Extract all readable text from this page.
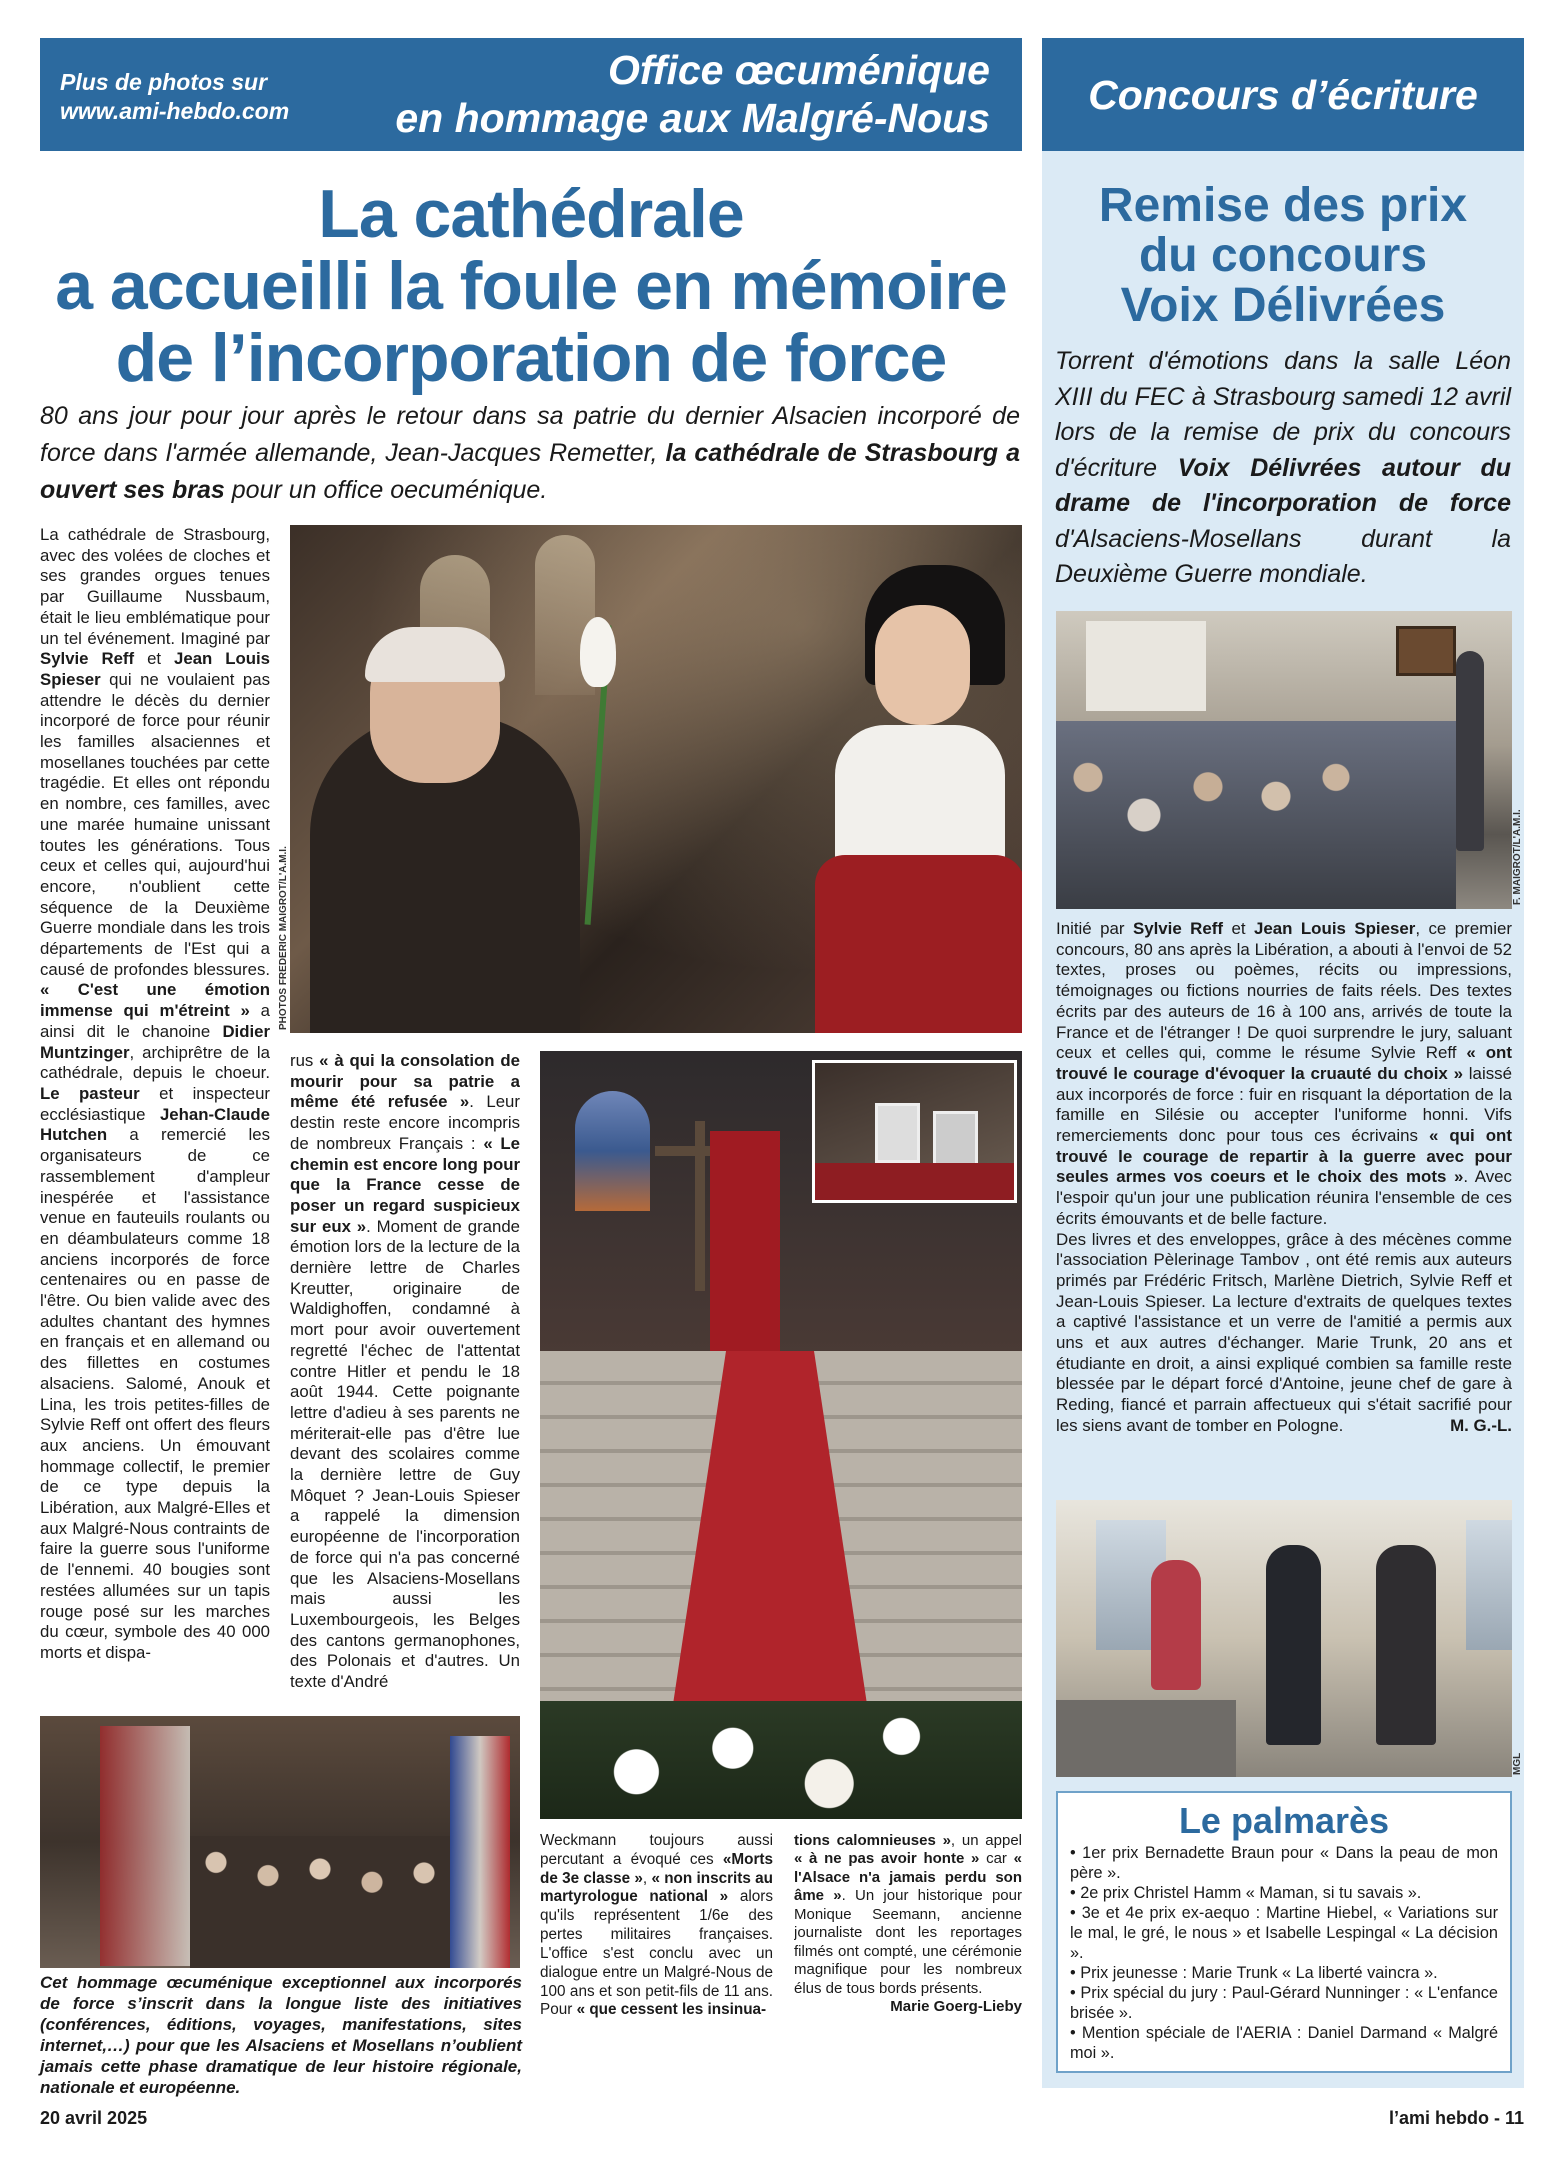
Plus de photos sur
www.ami-hebdo.com
Office œcuménique
en hommage aux Malgré-Nous	Concours d’écriture
La cathédrale
a accueilli la foule en mémoire
de l’incorporation de force
80 ans jour pour jour après le retour dans sa patrie du dernier Alsacien incorporé de force dans l'armée allemande, Jean-Jacques Remetter, la cathédrale de Strasbourg a ouvert ses bras pour un office oecuménique.
La cathédrale de Strasbourg, avec des volées de cloches et ses grandes orgues tenues par Guillaume Nussbaum, était le lieu emblématique pour un tel événement. Imaginé par Sylvie Reff et Jean Louis Spieser qui ne voulaient pas attendre le décès du dernier incorporé de force pour réunir les familles alsaciennes et mosellanes touchées par cette tragédie. Et elles ont répondu en nombre, ces familles, avec une marée humaine unissant toutes les générations. Tous ceux et celles qui, aujourd'hui encore, n'oublient cette séquence de la Deuxième Guerre mondiale dans les trois départements de l'Est qui a causé de profondes blessures. « C'est une émotion immense qui m'étreint » a ainsi dit le chanoine Didier Muntzinger, archiprêtre de la cathédrale, depuis le choeur. Le pasteur et inspecteur ecclésiastique Jehan-Claude Hutchen a remercié les organisateurs de ce rassemblement d'ampleur inespérée et l'assistance venue en fauteuils roulants ou en déambulateurs comme 18 anciens incorporés de force centenaires ou en passe de l'être. Ou bien valide avec des adultes chantant des hymnes en français et en allemand ou des fillettes en costumes alsaciens. Salomé, Anouk et Lina, les trois petites-filles de Sylvie Reff ont offert des fleurs aux anciens. Un émouvant hommage collectif, le premier de ce type depuis la Libération, aux Malgré-Elles et aux Malgré-Nous contraints de faire la guerre sous l'uniforme de l'ennemi. 40 bougies sont restées allumées sur un tapis rouge posé sur les marches du cœur, symbole des 40 000 morts et dispa-
PHOTOS FREDERIC MAIGROT/L'A.M.I.
rus « à qui la consolation de mourir pour sa patrie a même été refusée ». Leur destin reste encore incompris de nombreux Français : « Le chemin est encore long pour que la France cesse de poser un regard suspicieux sur eux ». Moment de grande émotion lors de la lecture de la dernière lettre de Charles Kreutter, originaire de Waldighoffen, condamné à mort pour avoir ouvertement regretté l'échec de l'attentat contre Hitler et pendu le 18 août 1944. Cette poignante lettre d'adieu à ses parents ne mériterait-elle pas d'être lue devant des scolaires comme la dernière lettre de Guy Môquet ? Jean-Louis Spieser a rappelé la dimension européenne de l'incorporation de force qui n'a pas concerné que les Alsaciens-Mosellans mais aussi les Luxembourgeois, les Belges des cantons germanophones, des Polonais et d'autres. Un texte d'André
Cet hommage œcuménique exceptionnel aux incorporés de force s’inscrit dans la longue liste des initiatives (conférences, éditions, voyages, manifestations, sites internet,…) pour que les Alsaciens et Mosellans n’oublient jamais cette phase dramatique de leur histoire régionale, nationale et européenne.
Weckmann toujours aussi percutant a évoqué ces «Morts de 3e classe », « non inscrits au martyrologue national » alors qu'ils représentent 1/6e des pertes militaires françaises. L'office s'est conclu avec un dialogue entre un Malgré-Nous de 100 ans et son petit-fils de 11 ans. Pour « que cessent les insinua-
tions calomnieuses », un appel « à ne pas avoir honte » car « l'Alsace n'a jamais perdu son âme ». Un jour historique pour Monique Seemann, ancienne journaliste dont les reportages filmés ont compté, une cérémonie magnifique pour les nombreux élus de tous bords présents.
Marie Goerg-Lieby
Remise des prix
du concours
Voix Délivrées
Torrent d'émotions dans la salle Léon XIII du FEC à Strasbourg samedi 12 avril lors de la remise de prix du concours d'écriture Voix Délivrées autour du drame de l'incorporation de force d'Alsaciens-Mosellans durant la Deuxième Guerre mondiale.
F. MAIGROT/L'A.M.I.
Initié par Sylvie Reff et Jean Louis Spieser, ce premier concours, 80 ans après la Libération, a abouti à l'envoi de 52 textes, proses ou poèmes, récits ou impressions, témoignages ou fictions nourries de faits réels. Des textes écrits par des auteurs de 16 à 100 ans, arrivés de toute la France et de l'étranger ! De quoi surprendre le jury, saluant ceux et celles qui, comme le résume Sylvie Reff « ont trouvé le courage d'évoquer la cruauté du choix » laissé aux incorporés de force : fuir en risquant la déportation de la famille en Silésie ou accepter l'uniforme honni. Vifs remerciements donc pour tous ces écrivains « qui ont trouvé le courage de repartir à la guerre avec pour seules armes vos coeurs et le choix des mots ». Avec l'espoir qu'un jour une publication réunira l'ensemble de ces écrits émouvants et de belle facture.
Des livres et des enveloppes, grâce à des mécènes comme l'association Pèlerinage Tambov , ont été remis aux auteurs primés par Frédéric Fritsch, Marlène Dietrich, Sylvie Reff et Jean-Louis Spieser. La lecture d'extraits de quelques textes a captivé l'assistance et un verre de l'amitié a permis aux uns et aux autres d'échanger. Marie Trunk, 20 ans et étudiante en droit, a ainsi expliqué combien sa famille reste blessée par le départ forcé d'Antoine, jeune chef de gare à Reding, fiancé et parrain affectueux qui s'était sacrifié pour les siens avant de tomber en Pologne.	M. G.-L.
MGL
Le palmarès
• 1er prix Bernadette Braun pour « Dans la peau de mon père ».
• 2e prix Christel Hamm « Maman, si tu savais ».
• 3e et 4e prix ex-aequo : Martine Hiebel, « Variations sur le mal, le gré, le nous » et Isabelle Lespingal « La décision ».
• Prix jeunesse : Marie Trunk « La liberté vaincra ».
• Prix spécial du jury : Paul-Gérard Nunninger : « L'enfance brisée ».
• Mention spéciale de l'AERIA : Daniel Darmand « Malgré moi ».
20 avril 2025	l’ami hebdo - 11
